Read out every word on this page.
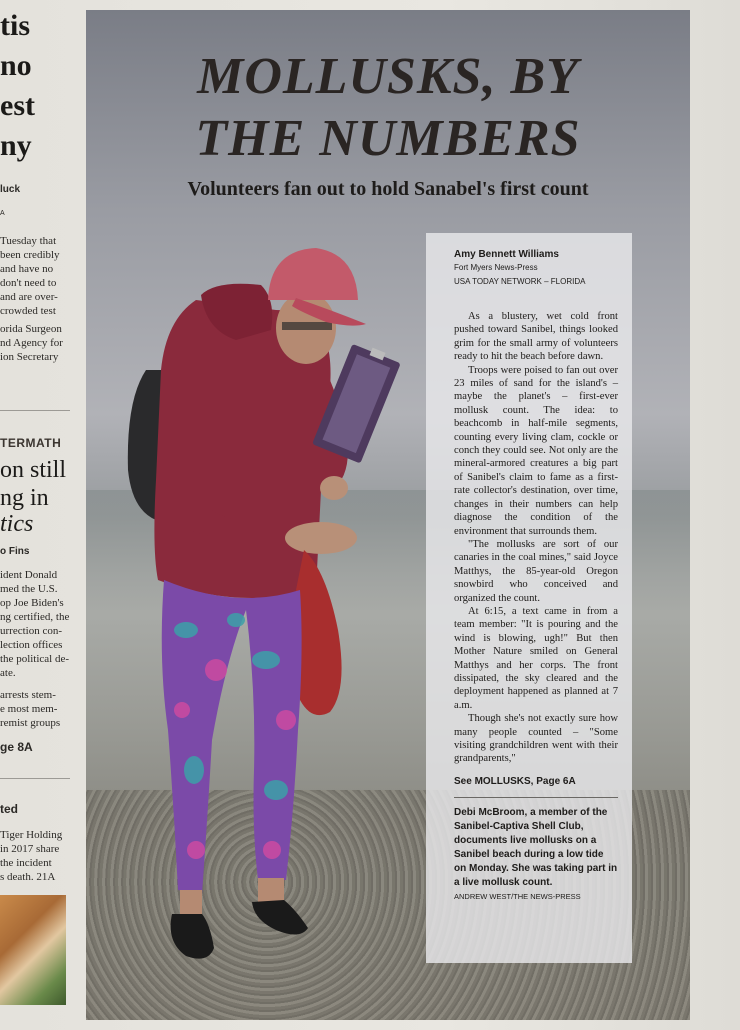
tis
no
est
ny
luck
A
Tuesday that
been credibly
and have no
don't need to
and are over-
crowded test
orida Surgeon
nd Agency for
ion Secretary
TERMATH
on still
ng in
tics
o Fins
ident Donald
med the U.S.
op Joe Biden's
ng certified, the
urrection con-
lection offices
the political de-
ate.
arrests stem-
e most mem-
remist groups
ge 8A
ted
Tiger Holding
in 2017 share
the incident
s death. 21A
MOLLUSKS, BY
THE NUMBERS
Volunteers fan out to hold Sanabel's first count
Amy Bennett Williams
Fort Myers News-Press
USA TODAY NETWORK – FLORIDA

As a blustery, wet cold front pushed toward Sanibel, things looked grim for the small army of volunteers ready to hit the beach before dawn.

Troops were poised to fan out over 23 miles of sand for the island's – maybe the planet's – first-ever mollusk count. The idea: to beachcomb in half-mile segments, counting every living clam, cockle or conch they could see. Not only are the mineral-armored creatures a big part of Sanibel's claim to fame as a first-rate collector's destination, over time, changes in their numbers can help diagnose the condition of the environment that surrounds them.

"The mollusks are sort of our canaries in the coal mines," said Joyce Matthys, the 85-year-old Oregon snowbird who conceived and organized the count.

At 6:15, a text came in from a team member: "It is pouring and the wind is blowing, ugh!" But then Mother Nature smiled on General Matthys and her corps. The front dissipated, the sky cleared and the deployment happened as planned at 7 a.m.

Though she's not exactly sure how many people counted – "Some visiting grandchildren went with their grandparents,"

See MOLLUSKS, Page 6A
Debi McBroom, a member of the Sanibel-Captiva Shell Club, documents live mollusks on a Sanibel beach during a low tide on Monday. She was taking part in a live mollusk count.
ANDREW WEST/THE NEWS-PRESS
